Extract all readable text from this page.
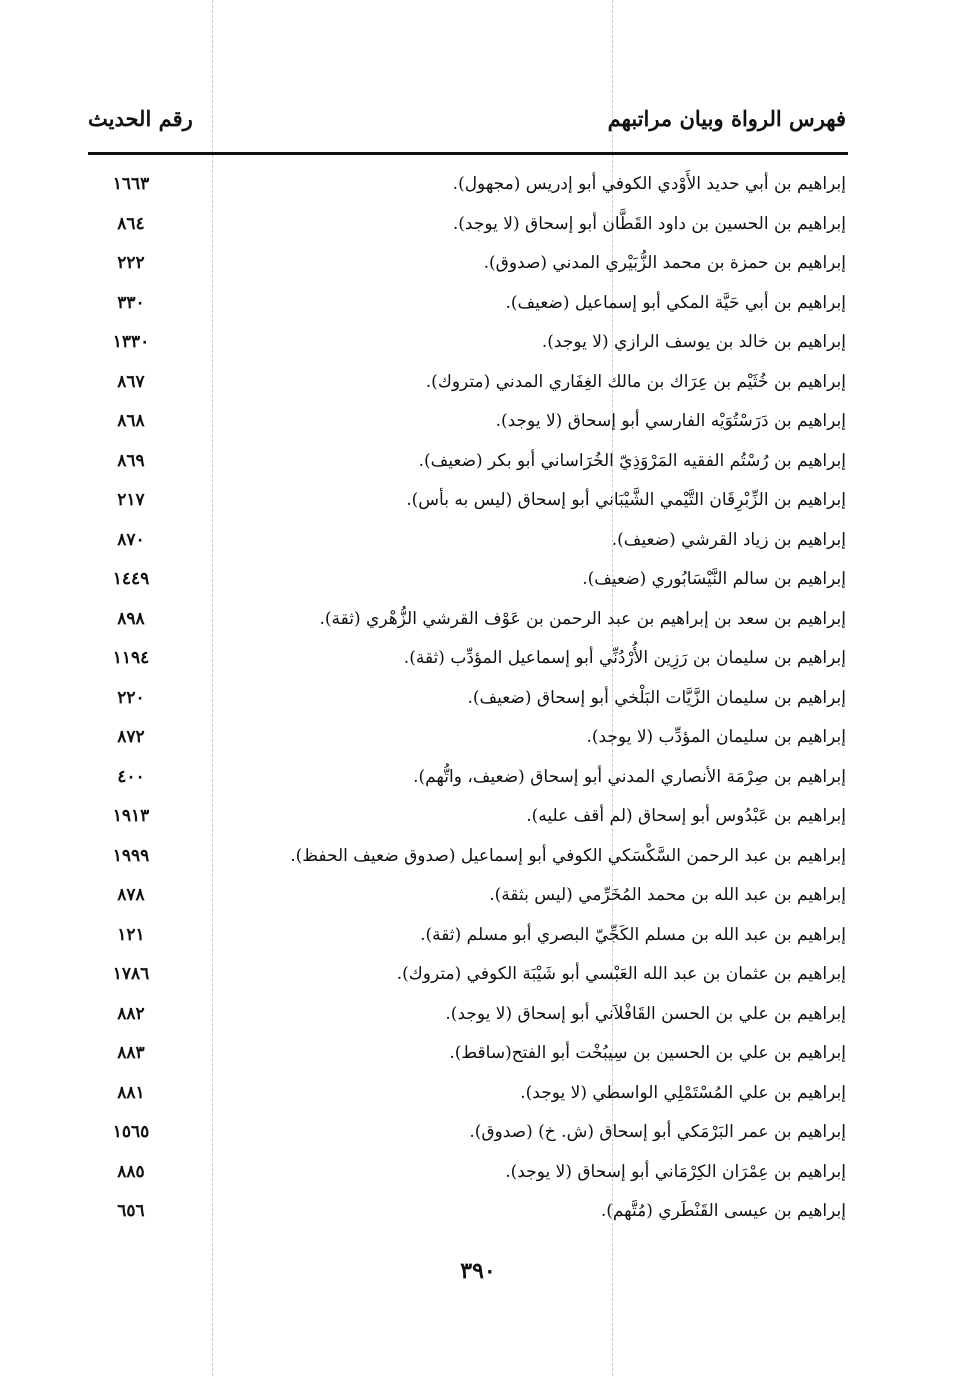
فهرس الرواة وبيان مراتبهم
رقم الحديث
إبراهيم بن أبي حديد الأَوْدي الكوفي أبو إدريس (مجهول).
١٦٦٣
إبراهيم بن الحسين بن داود القَطَّان أبو إسحاق (لا يوجد).
٨٦٤
إبراهيم بن حمزة بن محمد الزُّبَيْري المدني (صدوق).
٢٢٢
إبراهيم بن أبي حَيَّة المكي أبو إسماعيل (ضعيف).
٣٣٠
إبراهيم بن خالد بن يوسف الرازي (لا يوجد).
١٣٣٠
إبراهيم بن خُثَيْم بن عِرَاك بن مالك الغِفَاري المدني (متروك).
٨٦٧
إبراهيم بن دَرَسْتُوَيْه الفارسي أبو إسحاق (لا يوجد).
٨٦٨
إبراهيم بن رُسْتُم الفقيه المَرْوَذِيّ الخُرَاساني أبو بكر (ضعيف).
٨٦٩
إبراهيم بن الزِّبْرِقَان التَّيْمي الشَّيْبَاني أبو إسحاق (ليس به بأس).
٢١٧
إبراهيم بن زياد القرشي (ضعيف).
٨٧٠
إبراهيم بن سالم النَّيْسَابُوري (ضعيف).
١٤٤٩
إبراهيم بن سعد بن إبراهيم بن عبد الرحمن بن عَوْف القرشي الزُّهْري (ثقة).
٨٩٨
إبراهيم بن سليمان بن رَزِين الأُرْدُنِّي أبو إسماعيل المؤدِّب (ثقة).
١١٩٤
إبراهيم بن سليمان الزَّيَّات البَلْخي أبو إسحاق (ضعيف).
٢٢٠
إبراهيم بن سليمان المؤدِّب (لا يوجد).
٨٧٢
إبراهيم بن صِرْمَة الأنصاري المدني أبو إسحاق (ضعيف، واتُّهم).
٤٠٠
إبراهيم بن عَبْدُوس أبو إسحاق (لم أقف عليه).
١٩١٣
إبراهيم بن عبد الرحمن السَّكْسَكي الكوفي أبو إسماعيل (صدوق ضعيف الحفظ).
١٩٩٩
إبراهيم بن عبد الله بن محمد المُخَرِّمي (ليس بثقة).
٨٧٨
إبراهيم بن عبد الله بن مسلم الكَجِّيّ البصري أبو مسلم (ثقة).
١٢١
إبراهيم بن عثمان بن عبد الله العَبْسي أبو شَيْبَة الكوفي (متروك).
١٧٨٦
إبراهيم بن علي بن الحسن القَافْلاَني أبو إسحاق (لا يوجد).
٨٨٢
إبراهيم بن علي بن الحسين بن سِيبُخْت أبو الفتح(ساقط).
٨٨٣
إبراهيم بن علي المُسْتَمْلِي الواسطي (لا يوجد).
٨٨١
إبراهيم بن عمر البَرْمَكي أبو إسحاق (ش. خ) (صدوق).
١٥٦٥
إبراهيم بن عِمْرَان الكِرْمَاني أبو إسحاق (لا يوجد).
٨٨٥
إبراهيم بن عيسى القَنْطَري (مُتَّهم).
٦٥٦
٣٩٠
